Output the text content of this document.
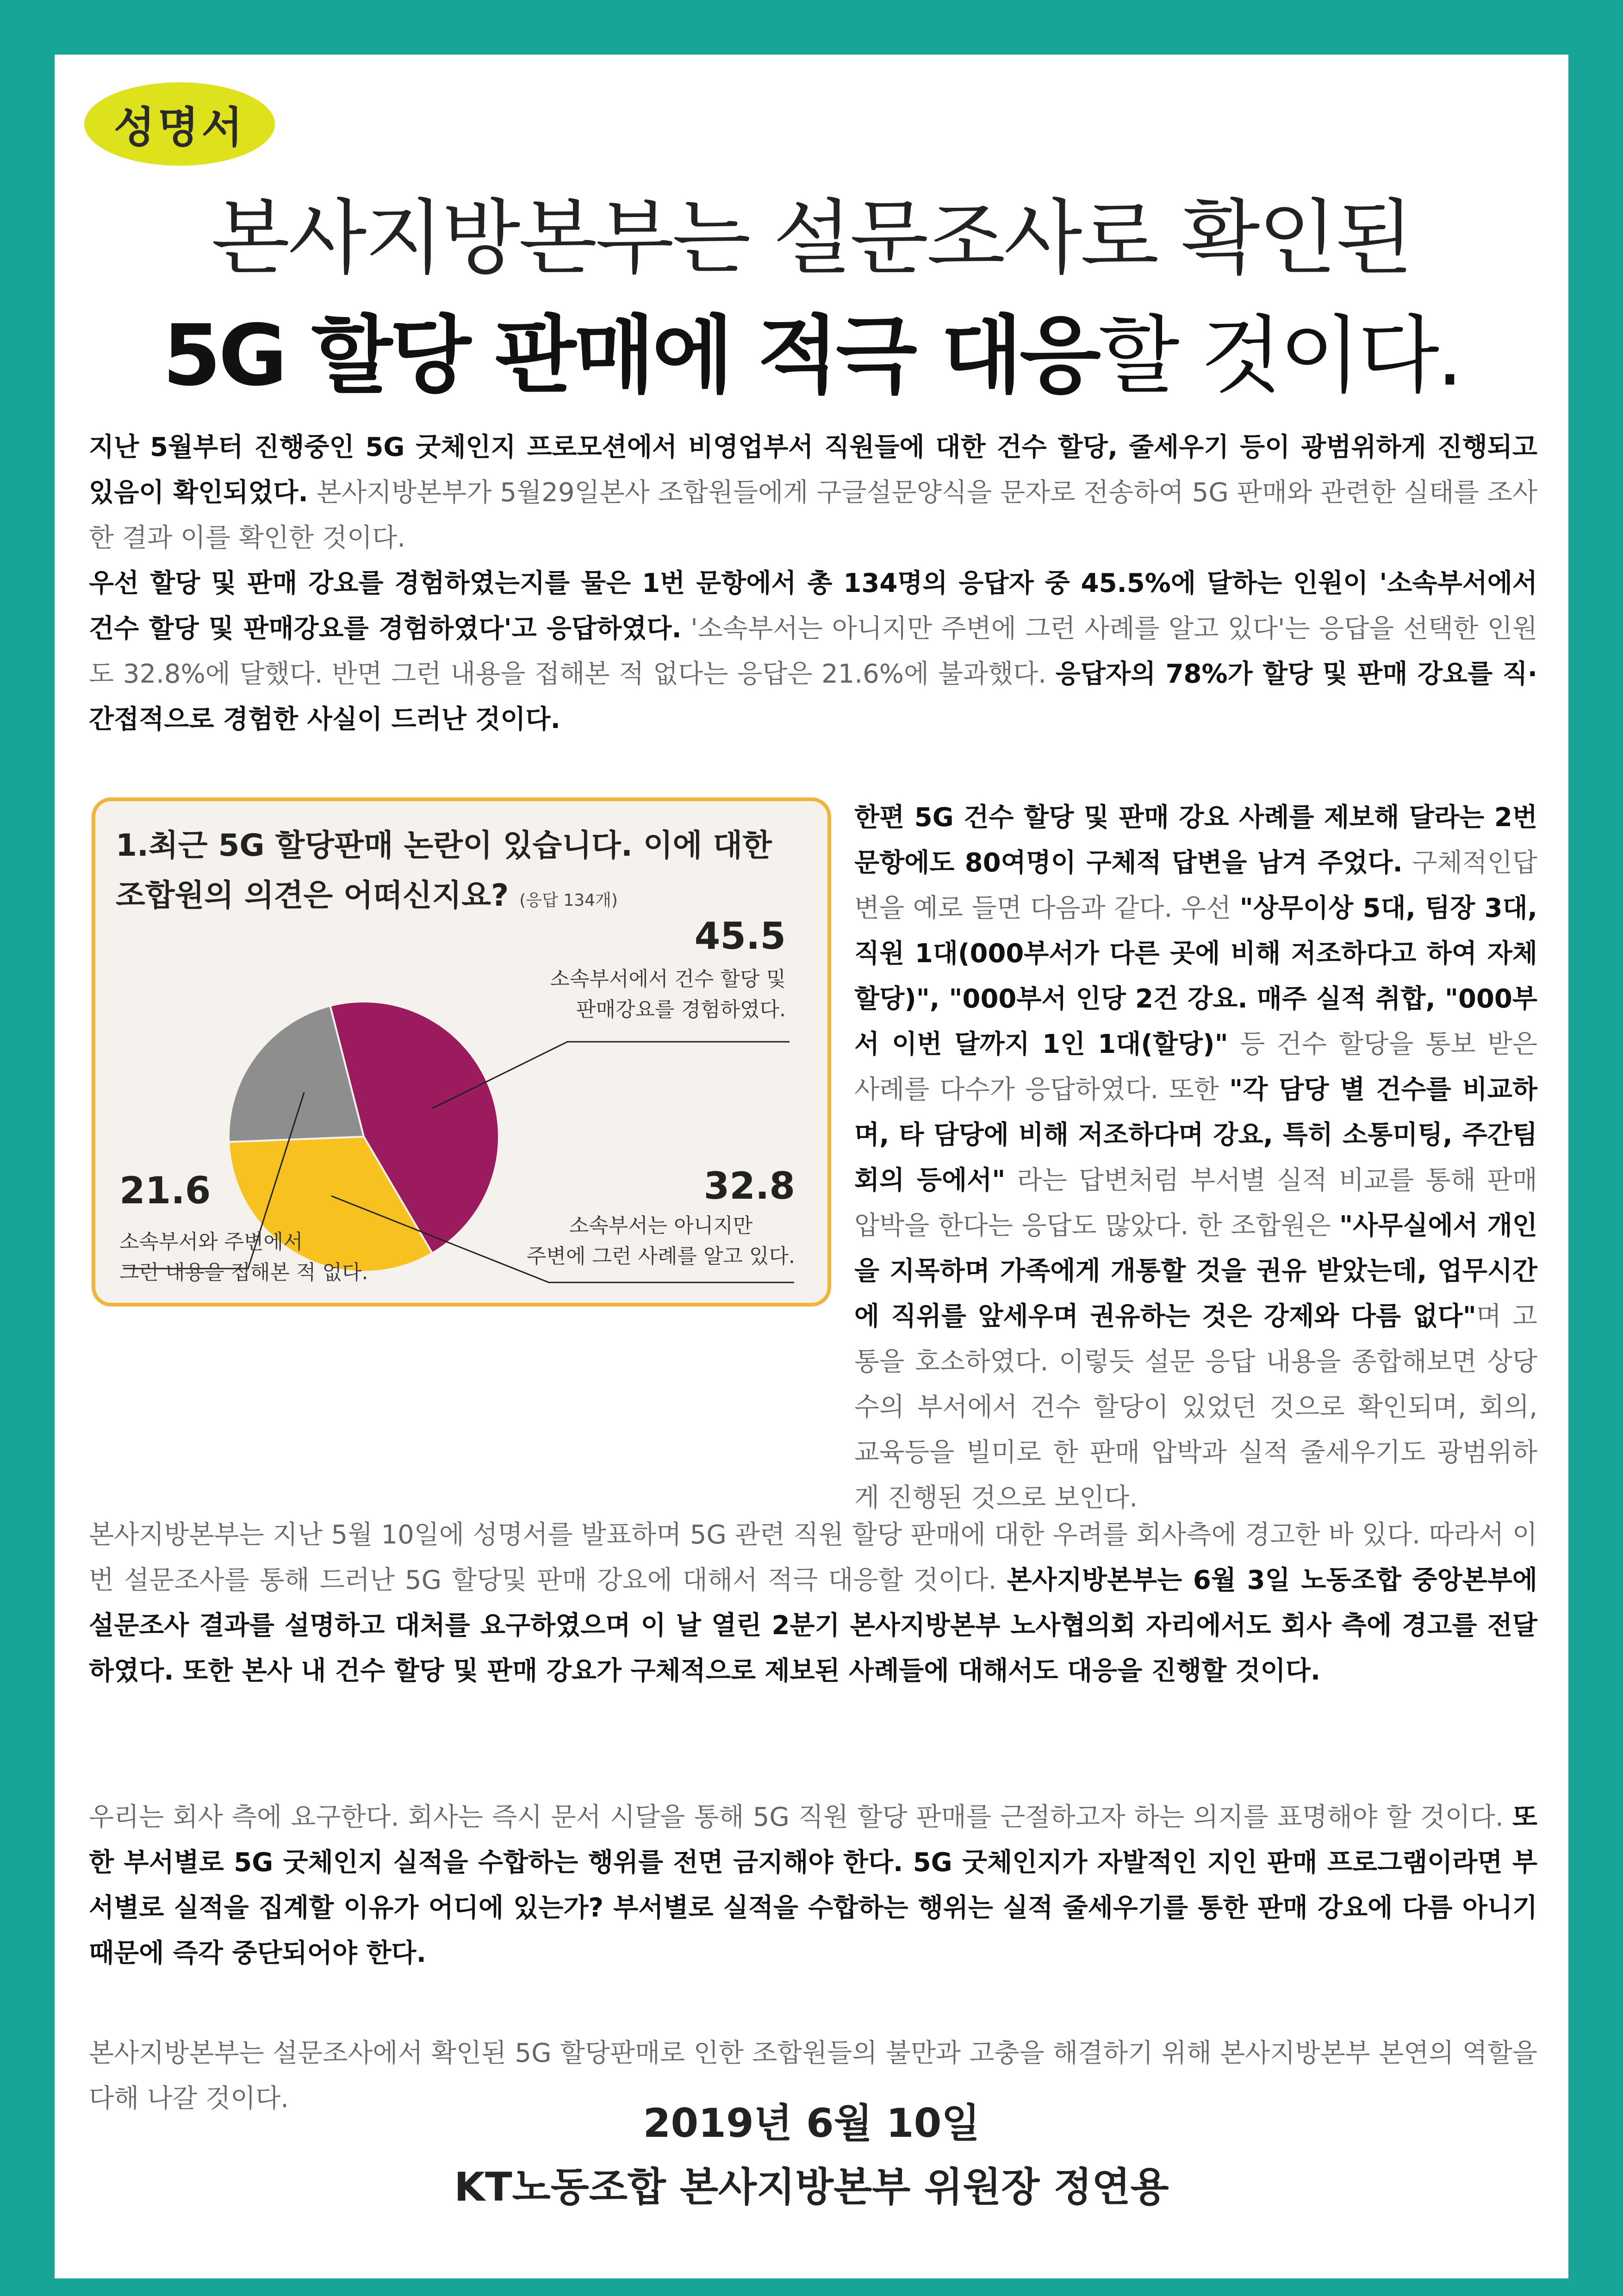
성명서
본사지방본부는 설문조사로 확인된
5G 할당 판매에 적극 대응할 것이다.
지난 5월부터 진행중인 5G 굿체인지 프로모션에서 비영업부서 직원들에 대한 건수 할당, 줄세우기 등이 광범위하게 진행되고 있음이 확인되었다. 본사지방본부가 5월29일본사 조합원들에게 구글설문양식을 문자로 전송하여 5G 판매와 관련한 실태를 조사한 결과 이를 확인한 것이다.
우선 할당 및 판매 강요를 경험하였는지를 물은 1번 문항에서 총 134명의 응답자 중 45.5%에 달하는 인원이 '소속부서에서 건수 할당 및 판매강요를 경험하였다'고 응답하였다. '소속부서는 아니지만 주변에 그런 사례를 알고 있다'는 응답을 선택한 인원도 32.8%에 달했다. 반면 그런 내용을 접해본 적 없다는 응답은 21.6%에 불과했다. 응답자의 78%가 할당 및 판매 강요를 직·간접적으로 경험한 사실이 드러난 것이다.
1.최근 5G 할당판매 논란이 있습니다. 이에 대한 조합원의 의견은 어떠신지요? (응답 134개)
45.5
소속부서에서 건수 할당 및
판매강요를 경험하였다.
32.8
소속부서는 아니지만
주변에 그런 사례를 알고 있다.
21.6
소속부서와 주변에서
그런 내용을 접해본 적 없다.
한편 5G 건수 할당 및 판매 강요 사례를 제보해 달라는 2번 문항에도 80여명이 구체적 답변을 남겨 주었다. 구체적인답변을 예로 들면 다음과 같다. 우선 "상무이상 5대, 팀장 3대, 직원 1대(000부서가 다른 곳에 비해 저조하다고 하여 자체 할당)", "000부서 인당 2건 강요. 매주 실적 취합, "000부서 이번 달까지 1인 1대(할당)" 등 건수 할당을 통보 받은 사례를 다수가 응답하였다. 또한 "각 담당 별 건수를 비교하며, 타 담당에 비해 저조하다며 강요, 특히 소통미팅, 주간팀회의 등에서" 라는 답변처럼 부서별 실적 비교를 통해 판매 압박을 한다는 응답도 많았다. 한 조합원은 "사무실에서 개인을 지목하며 가족에게 개통할 것을 권유 받았는데, 업무시간에 직위를 앞세우며 권유하는 것은 강제와 다름 없다"며 고통을 호소하였다. 이렇듯 설문 응답 내용을 종합해보면 상당수의 부서에서 건수 할당이 있었던 것으로 확인되며, 회의, 교육등을 빌미로 한 판매 압박과 실적 줄세우기도 광범위하게 진행된 것으로 보인다.
본사지방본부는 지난 5월 10일에 성명서를 발표하며 5G 관련 직원 할당 판매에 대한 우려를 회사측에 경고한 바 있다. 따라서 이번 설문조사를 통해 드러난 5G 할당및 판매 강요에 대해서 적극 대응할 것이다. 본사지방본부는 6월 3일 노동조합 중앙본부에 설문조사 결과를 설명하고 대처를 요구하였으며 이 날 열린 2분기 본사지방본부 노사협의회 자리에서도 회사 측에 경고를 전달하였다. 또한 본사 내 건수 할당 및 판매 강요가 구체적으로 제보된 사례들에 대해서도 대응을 진행할 것이다.
우리는 회사 측에 요구한다. 회사는 즉시 문서 시달을 통해 5G 직원 할당 판매를 근절하고자 하는 의지를 표명해야 할 것이다. 또한 부서별로 5G 굿체인지 실적을 수합하는 행위를 전면 금지해야 한다. 5G 굿체인지가 자발적인 지인 판매 프로그램이라면 부서별로 실적을 집계할 이유가 어디에 있는가? 부서별로 실적을 수합하는 행위는 실적 줄세우기를 통한 판매 강요에 다름 아니기 때문에 즉각 중단되어야 한다.
본사지방본부는 설문조사에서 확인된 5G 할당판매로 인한 조합원들의 불만과 고충을 해결하기 위해 본사지방본부 본연의 역할을 다해 나갈 것이다.
2019년 6월 10일
KT노동조합 본사지방본부 위원장 정연용
